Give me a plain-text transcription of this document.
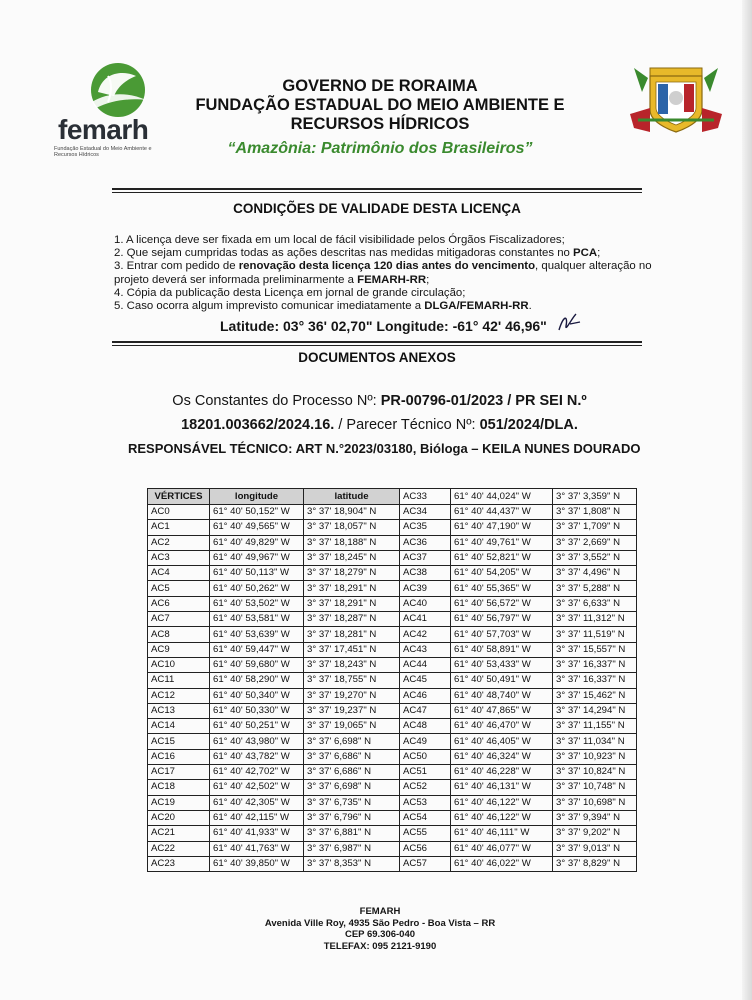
femarh
Fundação Estadual do Meio Ambiente e Recursos Hídricos
GOVERNO DE RORAIMA
FUNDAÇÃO ESTADUAL DO MEIO AMBIENTE E
RECURSOS HÍDRICOS
“Amazônia: Patrimônio dos Brasileiros”
CONDIÇÕES DE VALIDADE DESTA LICENÇA

1. A licença deve ser fixada em um local de fácil visibilidade pelos Órgãos Fiscalizadores;

2. Que sejam cumpridas todas as ações descritas nas medidas mitigadoras constantes no PCA;

3. Entrar com pedido de renovação desta licença 120 dias antes do vencimento, qualquer alteração no projeto deverá ser informada preliminarmente a FEMARH-RR;

4. Cópia da publicação desta Licença em jornal de grande circulação;

5. Caso ocorra algum imprevisto comunicar imediatamente a DLGA/FEMARH-RR.

Latitude: 03° 36' 02,70" Longitude: -61° 42' 46,96"
DOCUMENTOS ANEXOS
Os Constantes do Processo Nº: PR-00796-01/2023 / PR SEI N.º
18201.003662/2024.16. / Parecer Técnico Nº: 051/2024/DLA.
RESPONSÁVEL TÉCNICO: ART N.°2023/03180, Bióloga – KEILA NUNES DOURADO
VÉRTICES	longitude	latitude	AC33	61° 40' 44,024" W	3° 37' 3,359" N
AC0	61° 40' 50,152" W	3° 37' 18,904" N	AC34	61° 40' 44,437" W	3° 37' 1,808" N
AC1	61° 40' 49,565" W	3° 37' 18,057" N	AC35	61° 40' 47,190" W	3° 37' 1,709" N
AC2	61° 40' 49,829" W	3° 37' 18,188" N	AC36	61° 40' 49,761" W	3° 37' 2,669" N
AC3	61° 40' 49,967" W	3° 37' 18,245" N	AC37	61° 40' 52,821" W	3° 37' 3,552" N
AC4	61° 40' 50,113" W	3° 37' 18,279" N	AC38	61° 40' 54,205" W	3° 37' 4,496" N
AC5	61° 40' 50,262" W	3° 37' 18,291" N	AC39	61° 40' 55,365" W	3° 37' 5,288" N
AC6	61° 40' 53,502" W	3° 37' 18,291" N	AC40	61° 40' 56,572" W	3° 37' 6,633" N
AC7	61° 40' 53,581" W	3° 37' 18,287" N	AC41	61° 40' 56,797" W	3° 37' 11,312" N
AC8	61° 40' 53,639" W	3° 37' 18,281" N	AC42	61° 40' 57,703" W	3° 37' 11,519" N
AC9	61° 40' 59,447" W	3° 37' 17,451" N	AC43	61° 40' 58,891" W	3° 37' 15,557" N
AC10	61° 40' 59,680" W	3° 37' 18,243" N	AC44	61° 40' 53,433" W	3° 37' 16,337" N
AC11	61° 40' 58,290" W	3° 37' 18,755" N	AC45	61° 40' 50,491" W	3° 37' 16,337" N
AC12	61° 40' 50,340" W	3° 37' 19,270" N	AC46	61° 40' 48,740" W	3° 37' 15,462" N
AC13	61° 40' 50,330" W	3° 37' 19,237" N	AC47	61° 40' 47,865" W	3° 37' 14,294" N
AC14	61° 40' 50,251" W	3° 37' 19,065" N	AC48	61° 40' 46,470" W	3° 37' 11,155" N
AC15	61° 40' 43,980" W	3° 37' 6,698" N	AC49	61° 40' 46,405" W	3° 37' 11,034" N
AC16	61° 40' 43,782" W	3° 37' 6,686" N	AC50	61° 40' 46,324" W	3° 37' 10,923" N
AC17	61° 40' 42,702" W	3° 37' 6,686" N	AC51	61° 40' 46,228" W	3° 37' 10,824" N
AC18	61° 40' 42,502" W	3° 37' 6,698" N	AC52	61° 40' 46,131" W	3° 37' 10,748" N
AC19	61° 40' 42,305" W	3° 37' 6,735" N	AC53	61° 40' 46,122" W	3° 37' 10,698" N
AC20	61° 40' 42,115" W	3° 37' 6,796" N	AC54	61° 40' 46,122" W	3° 37' 9,394" N
AC21	61° 40' 41,933" W	3° 37' 6,881" N	AC55	61° 40' 46,111" W	3° 37' 9,202" N
AC22	61° 40' 41,763" W	3° 37' 6,987" N	AC56	61° 40' 46,077" W	3° 37' 9,013" N
AC23	61° 40' 39,850" W	3° 37' 8,353" N	AC57	61° 40' 46,022" W	3° 37' 8,829" N
FEMARH
Avenida Ville Roy, 4935 São Pedro - Boa Vista – RR
CEP 69.306-040
TELEFAX: 095 2121-9190
